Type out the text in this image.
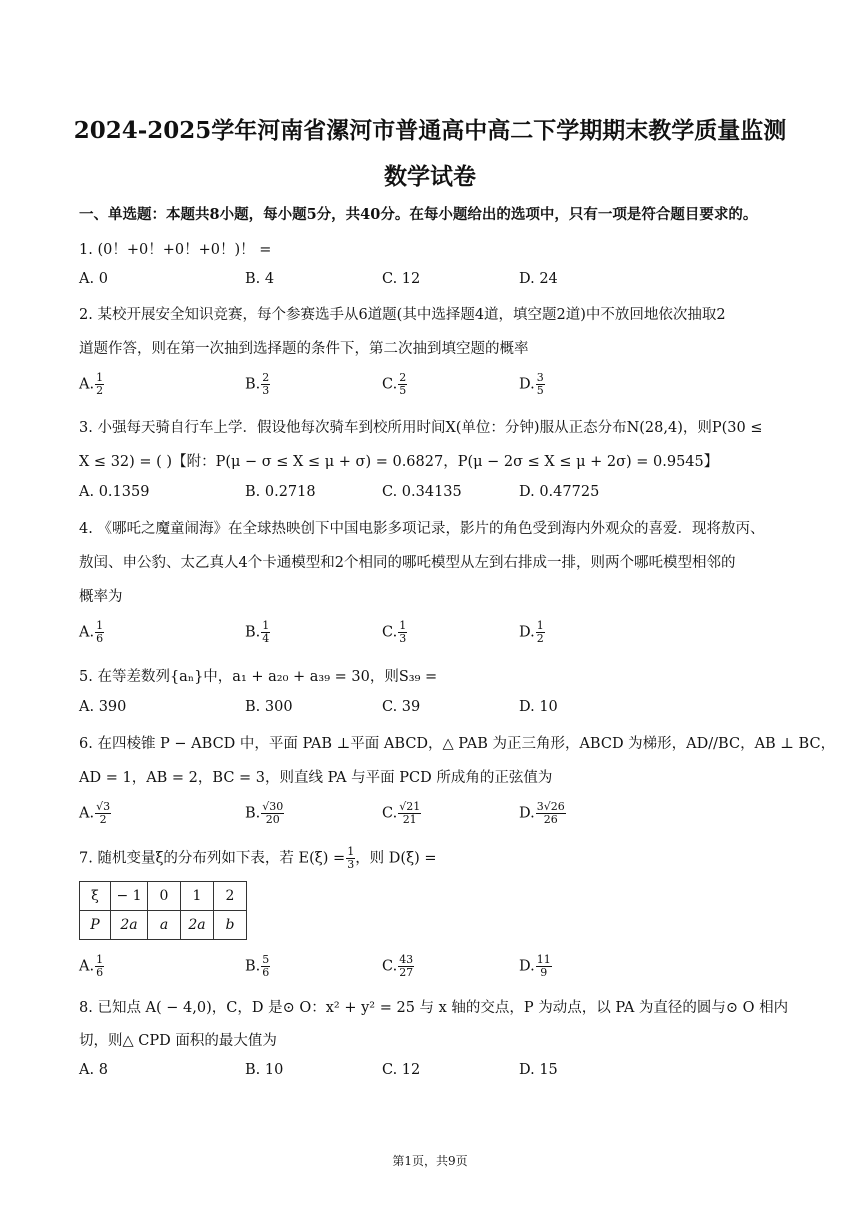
2024-2025学年河南省漯河市普通高中高二下学期期末教学质量监测
数学试卷
一、单选题：本题共8小题，每小题5分，共40分。在每小题给出的选项中，只有一项是符合题目要求的。
1. (0！+0！+0！+0！)！ =
A. 0	B. 4	C. 12	D. 24
2. 某校开展安全知识竞赛，每个参赛选手从6道题(其中选择题4道，填空题2道)中不放回地依次抽取2
道题作答，则在第一次抽到选择题的条件下，第二次抽到填空题的概率
A. $\frac{1}{2}$	B. $\frac{2}{3}$	C. $\frac{2}{5}$	D. $\frac{3}{5}$
3. 小强每天骑自行车上学．假设他每次骑车到校所用时间X(单位：分钟)服从正态分布N(28,4)，则P(30 ≤
X ≤ 32) = ( )【附：P(μ − σ ≤ X ≤ μ + σ) = 0.6827，P(μ − 2σ ≤ X ≤ μ + 2σ) = 0.9545】
A. 0.1359	B. 0.2718	C. 0.34135	D. 0.47725
4. 《哪吒之魔童闹海》在全球热映创下中国电影多项记录，影片的角色受到海内外观众的喜爱．现将敖丙、
敖闰、申公豹、太乙真人4个卡通模型和2个相同的哪吒模型从左到右排成一排，则两个哪吒模型相邻的
概率为
A. $\frac{1}{6}$	B. $\frac{1}{4}$	C. $\frac{1}{3}$	D. $\frac{1}{2}$
5. 在等差数列{aₙ}中，a₁ + a₂₀ + a₃₉ = 30，则S₃₉ =
A. 390	B. 300	C. 39	D. 10
6. 在四棱锥 P − ABCD 中，平面 PAB ⊥平面 ABCD，△ PAB 为正三角形，ABCD 为梯形，AD//BC，AB ⊥ BC，
AD = 1，AB = 2，BC = 3，则直线 PA 与平面 PCD 所成角的正弦值为
A. $\frac{√3}{2}$	B. $\frac{√30}{20}$	C. $\frac{√21}{21}$	D. $\frac{3√26}{26}$
7. 随机变量ξ的分布列如下表，若 $E(\xi) = \frac{1}{3}$ ，则 D(ξ) =
ξ	− 1	0	1	2
P	2a	a	2a	b
A. $\frac{1}{6}$	B. $\frac{5}{6}$	C. $\frac{43}{27}$	D. $\frac{11}{9}$
8. 已知点 A( − 4,0)，C，D 是⊙ O：x² + y² = 25 与 x 轴的交点，P 为动点，以 PA 为直径的圆与⊙ O 相内
切，则△ CPD 面积的最大值为
A. 8	B. 10	C. 12	D. 15
第1页，共9页
